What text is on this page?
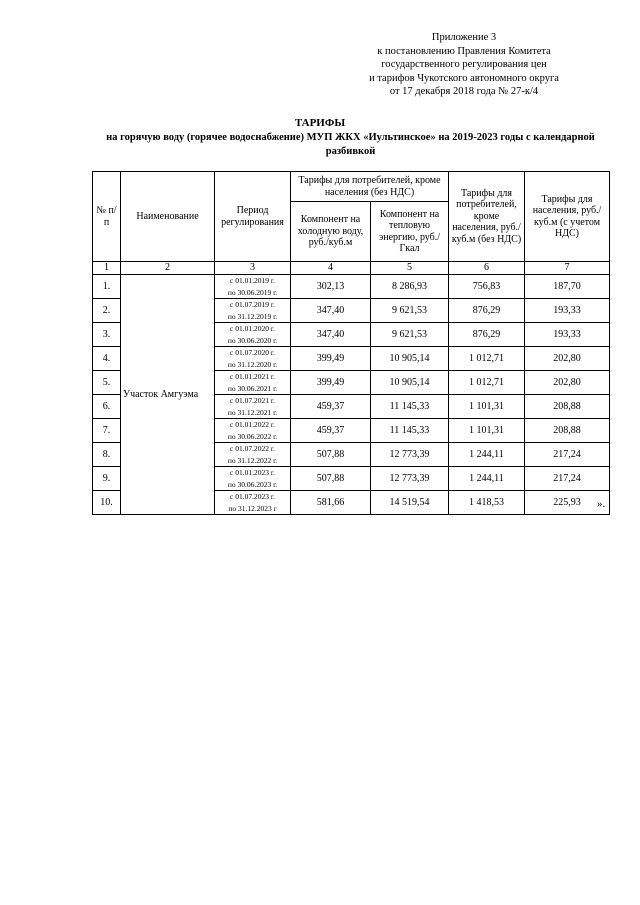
Приложение 3
к постановлению Правления Комитета
государственного регулирования цен
и тарифов Чукотского автономного округа
от 17 декабря 2018 года № 27-к/4
ТАРИФЫ
на горячую воду (горячее водоснабжение) МУП ЖКХ «Иультинское» на 2019-2023 годы с календарной разбивкой
№ п/п	Наименование	Период регулирования	Тарифы для потребителей, кроме населения (без НДС)		Тарифы для потребителей, кроме населения, руб./куб.м (без НДС)	Тарифы для населения, руб./куб.м (с учетом НДС)
			Компонент на холодную воду, руб./куб.м	Компонент на тепловую энергию, руб./Гкал		
1	2	3	4	5	6	7
1.	Участок Амгуэма	с 01.01.2019 г.
по 30.06.2019 г.	302,13	8 286,93	756,83	187,70
2.		с 01.07.2019 г.
по 31.12.2019 г.	347,40	9 621,53	876,29	193,33
3.		с 01.01.2020 г.
по 30.06.2020 г.	347,40	9 621,53	876,29	193,33
4.		с 01.07.2020 г.
по 31.12.2020 г.	399,49	10 905,14	1 012,71	202,80
5.		с 01.01.2021 г.
по 30.06.2021 г.	399,49	10 905,14	1 012,71	202,80
6.		с 01.07.2021 г.
по 31.12.2021 г.	459,37	11 145,33	1 101,31	208,88
7.		с 01.01.2022 г.
по 30.06.2022 г.	459,37	11 145,33	1 101,31	208,88
8.		с 01.07.2022 г.
по 31.12.2022 г.	507,88	12 773,39	1 244,11	217,24
9.		с 01.01.2023 г.
по 30.06.2023 г.	507,88	12 773,39	1 244,11	217,24
10.		с 01.07.2023 г.
по 31.12.2023 г	581,66	14 519,54	1 418,53	225,93 ».
